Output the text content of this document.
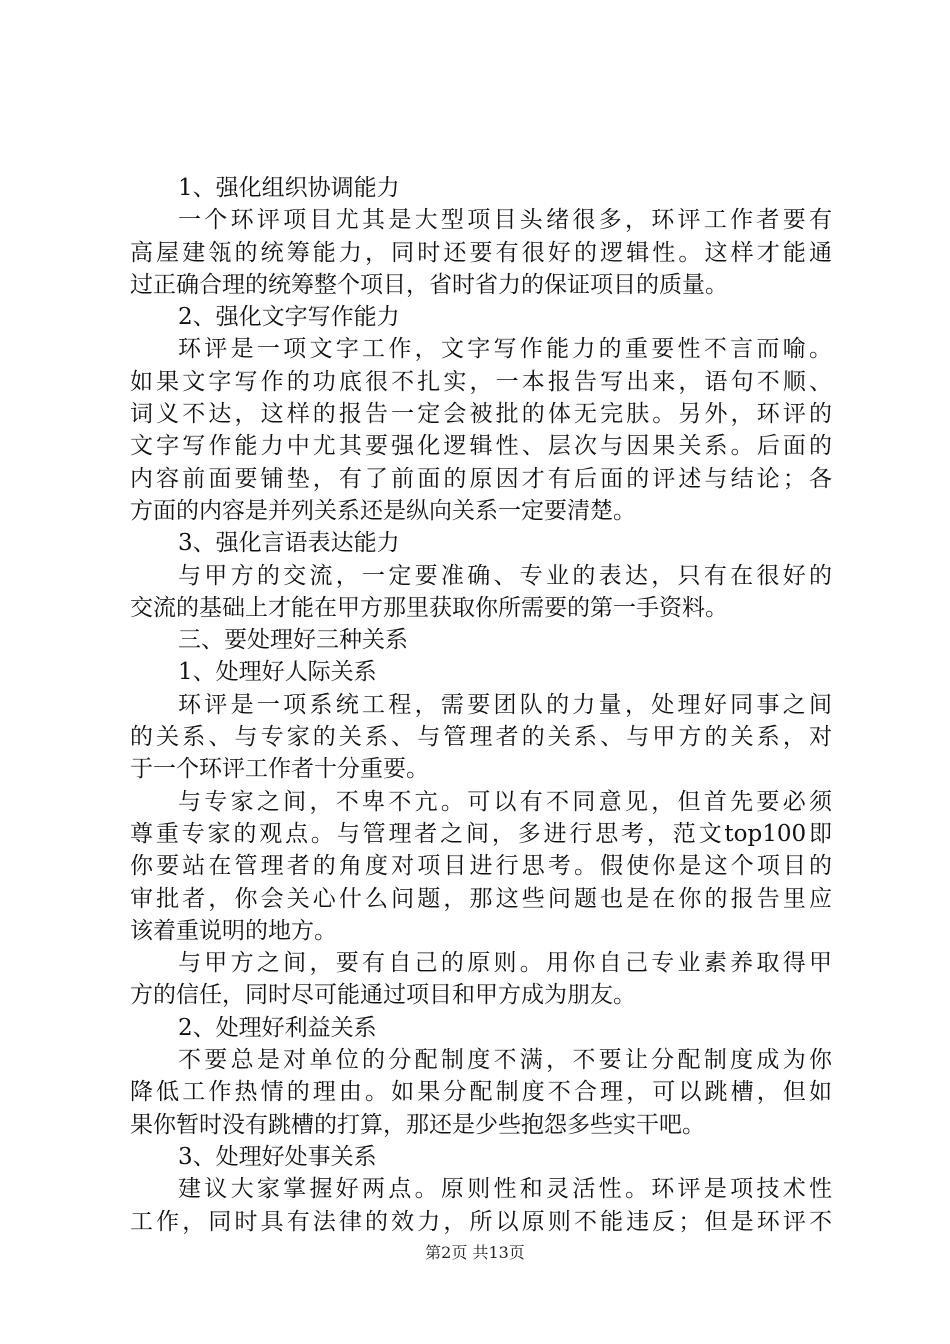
1、强化组织协调能力
一个环评项目尤其是大型项目头绪很多，环评工作者要有
高屋建瓴的统筹能力，同时还要有很好的逻辑性。这样才能通
过正确合理的统筹整个项目，省时省力的保证项目的质量。
2、强化文字写作能力
环评是一项文字工作，文字写作能力的重要性不言而喻。
如果文字写作的功底很不扎实，一本报告写出来，语句不顺、
词义不达，这样的报告一定会被批的体无完肤。另外，环评的
文字写作能力中尤其要强化逻辑性、层次与因果关系。后面的
内容前面要铺垫，有了前面的原因才有后面的评述与结论；各
方面的内容是并列关系还是纵向关系一定要清楚。
3、强化言语表达能力
与甲方的交流，一定要准确、专业的表达，只有在很好的
交流的基础上才能在甲方那里获取你所需要的第一手资料。
三、要处理好三种关系
1、处理好人际关系
环评是一项系统工程，需要团队的力量，处理好同事之间
的关系、与专家的关系、与管理者的关系、与甲方的关系，对
于一个环评工作者十分重要。
与专家之间，不卑不亢。可以有不同意见，但首先要必须
尊重专家的观点。与管理者之间，多进行思考，范文top100即
你要站在管理者的角度对项目进行思考。假使你是这个项目的
审批者，你会关心什么问题，那这些问题也是在你的报告里应
该着重说明的地方。
与甲方之间，要有自己的原则。用你自己专业素养取得甲
方的信任，同时尽可能通过项目和甲方成为朋友。
2、处理好利益关系
不要总是对单位的分配制度不满，不要让分配制度成为你
降低工作热情的理由。如果分配制度不合理，可以跳槽，但如
果你暂时没有跳槽的打算，那还是少些抱怨多些实干吧。
3、处理好处事关系
建议大家掌握好两点。原则性和灵活性。环评是项技术性
工作，同时具有法律的效力，所以原则不能违反；但是环评不
第2页 共13页
